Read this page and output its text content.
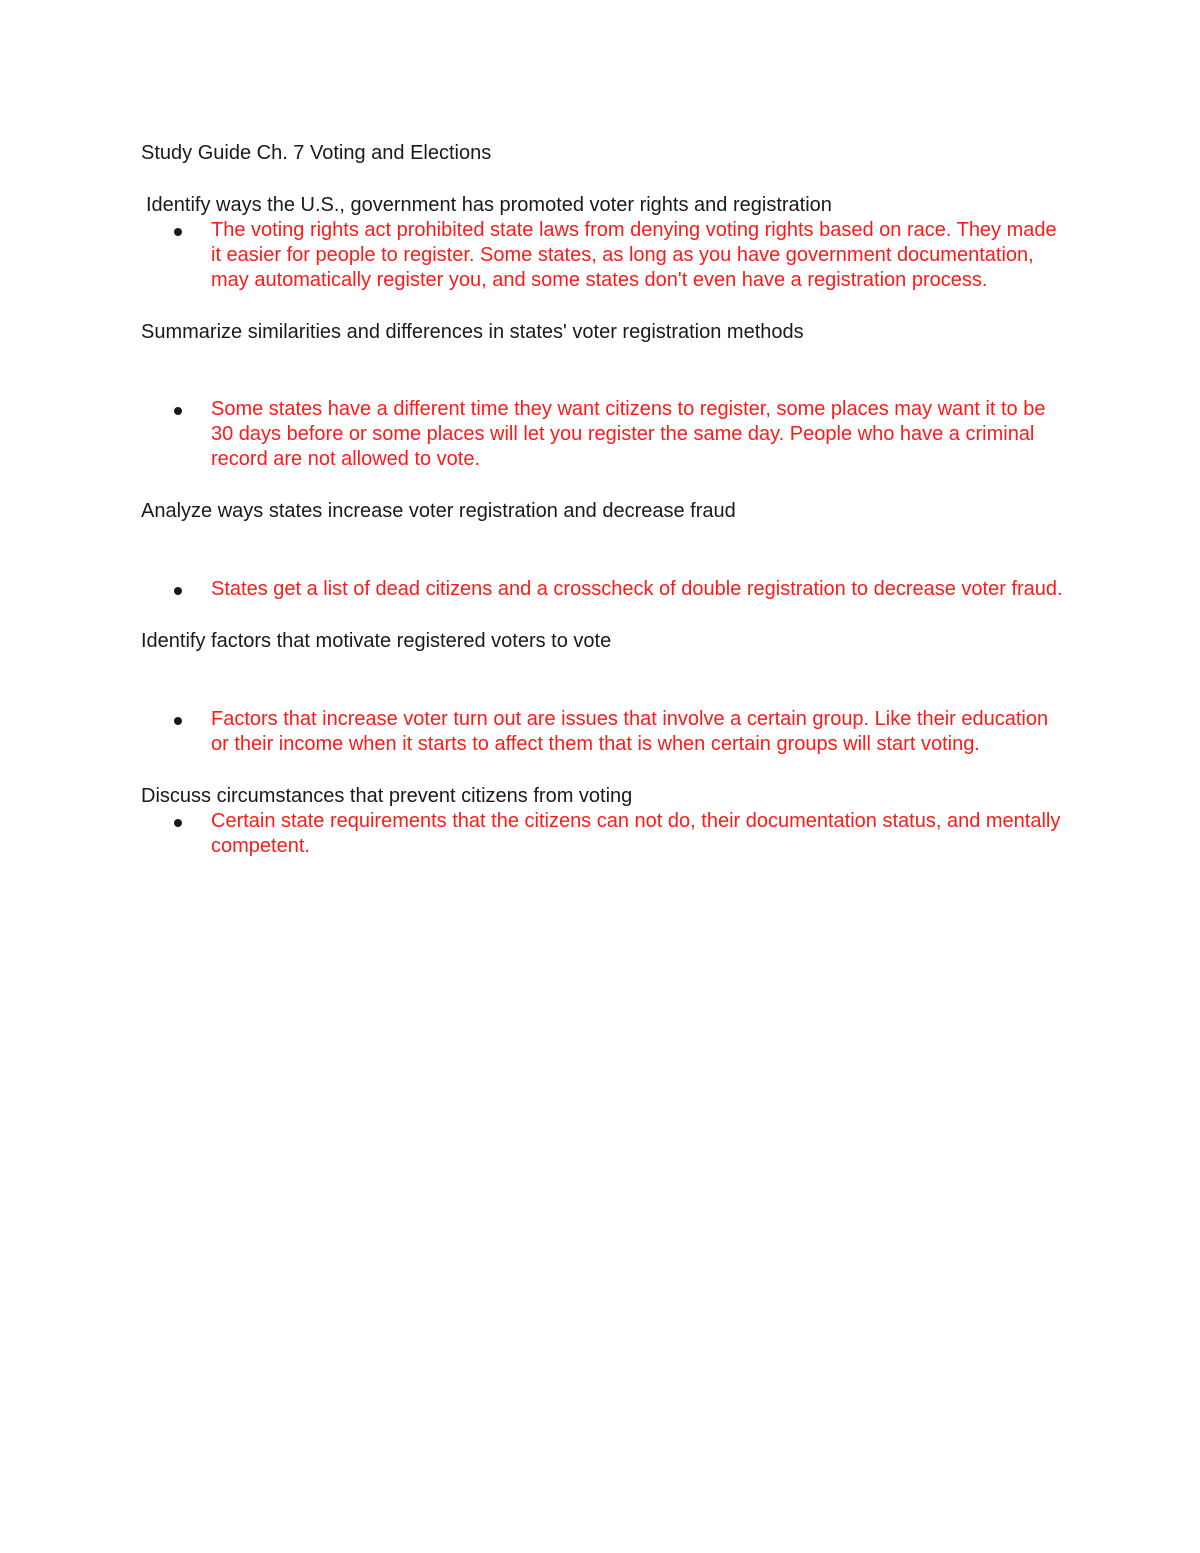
Study Guide Ch. 7 Voting and Elections

Identify ways the U.S., government has promoted voter rights and registration

The voting rights act prohibited state laws from denying voting rights based on race. They made it easier for people to register. Some states, as long as you have government documentation, may automatically register you, and some states don't even have a registration process.

Summarize similarities and differences in states' voter registration methods

Some states have a different time they want citizens to register, some places may want it to be 30 days before or some places will let you register the same day. People who have a criminal record are not allowed to vote.

Analyze ways states increase voter registration and decrease fraud

States get a list of dead citizens and a crosscheck of double registration to decrease voter fraud.

Identify factors that motivate registered voters to vote

Factors that increase voter turn out are issues that involve a certain group. Like their education or their income when it starts to affect them that is when certain groups will start voting.

Discuss circumstances that prevent citizens from voting

Certain state requirements that the citizens can not do, their documentation status, and mentally competent.
